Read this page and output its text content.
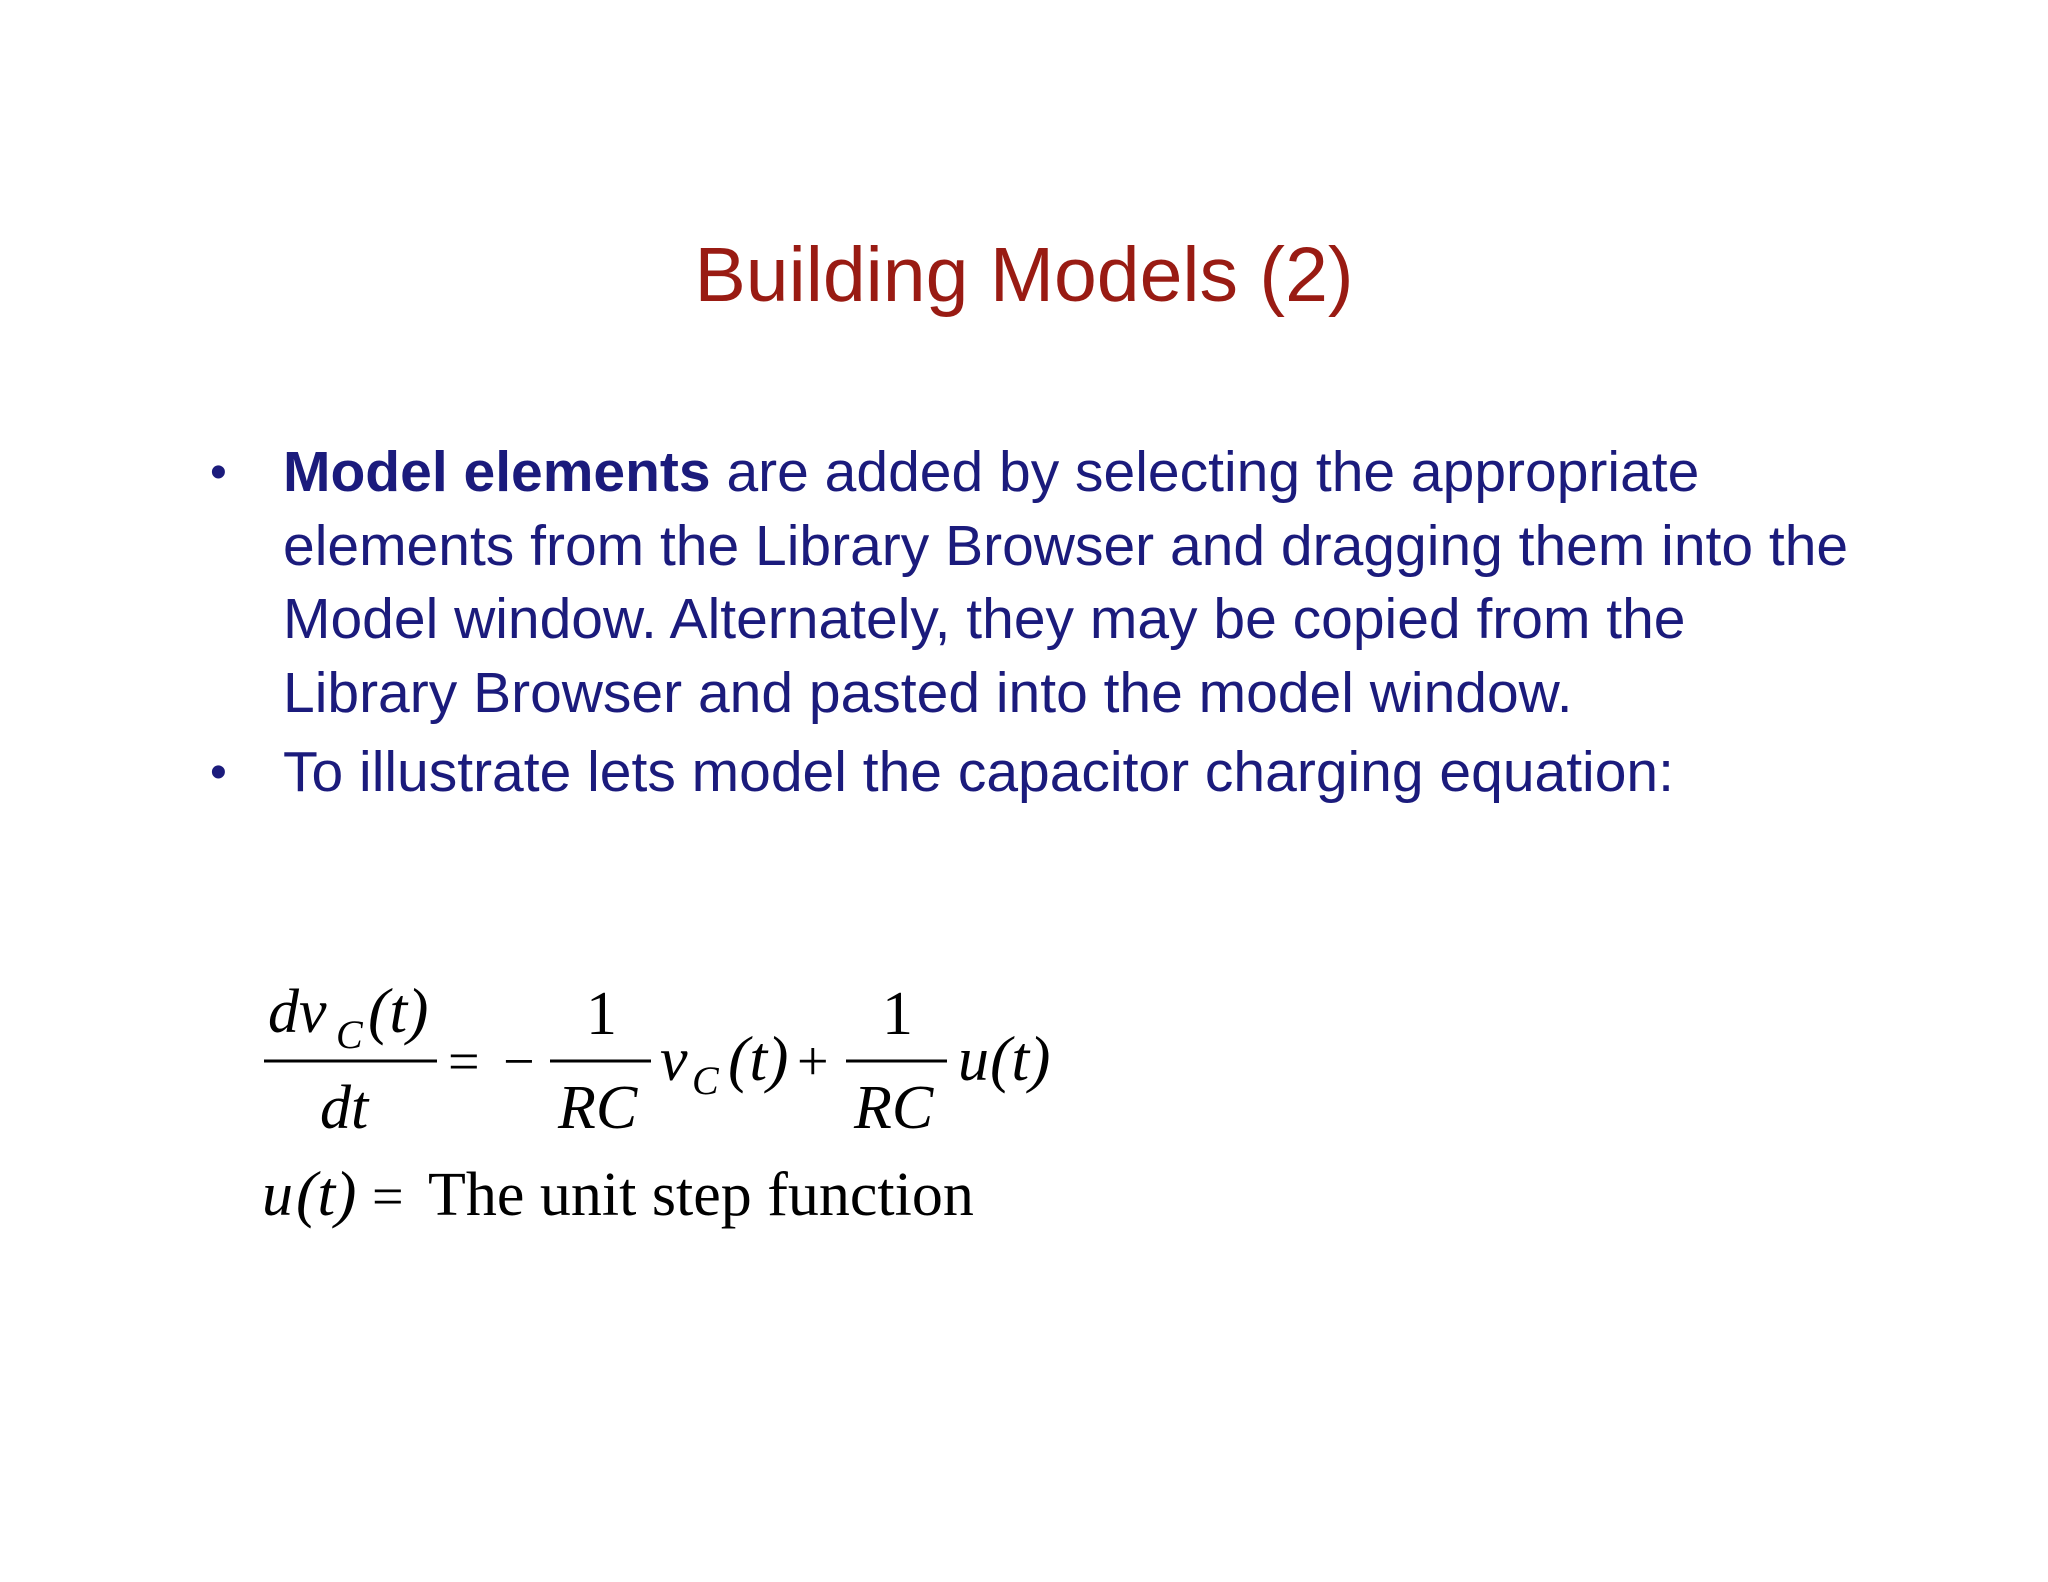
Building Models (2)
• Model elements are added by selecting the appropriate elements from the Library Browser and dragging them into the Model window. Alternately, they may be copied from the Library Browser and pasted into the model window.
• To illustrate lets model the capacitor charging equation:
dv C (t)
dt
= −
1
RC
v C (t) +
1
RC
u (t)
u (t) = The unit step function
